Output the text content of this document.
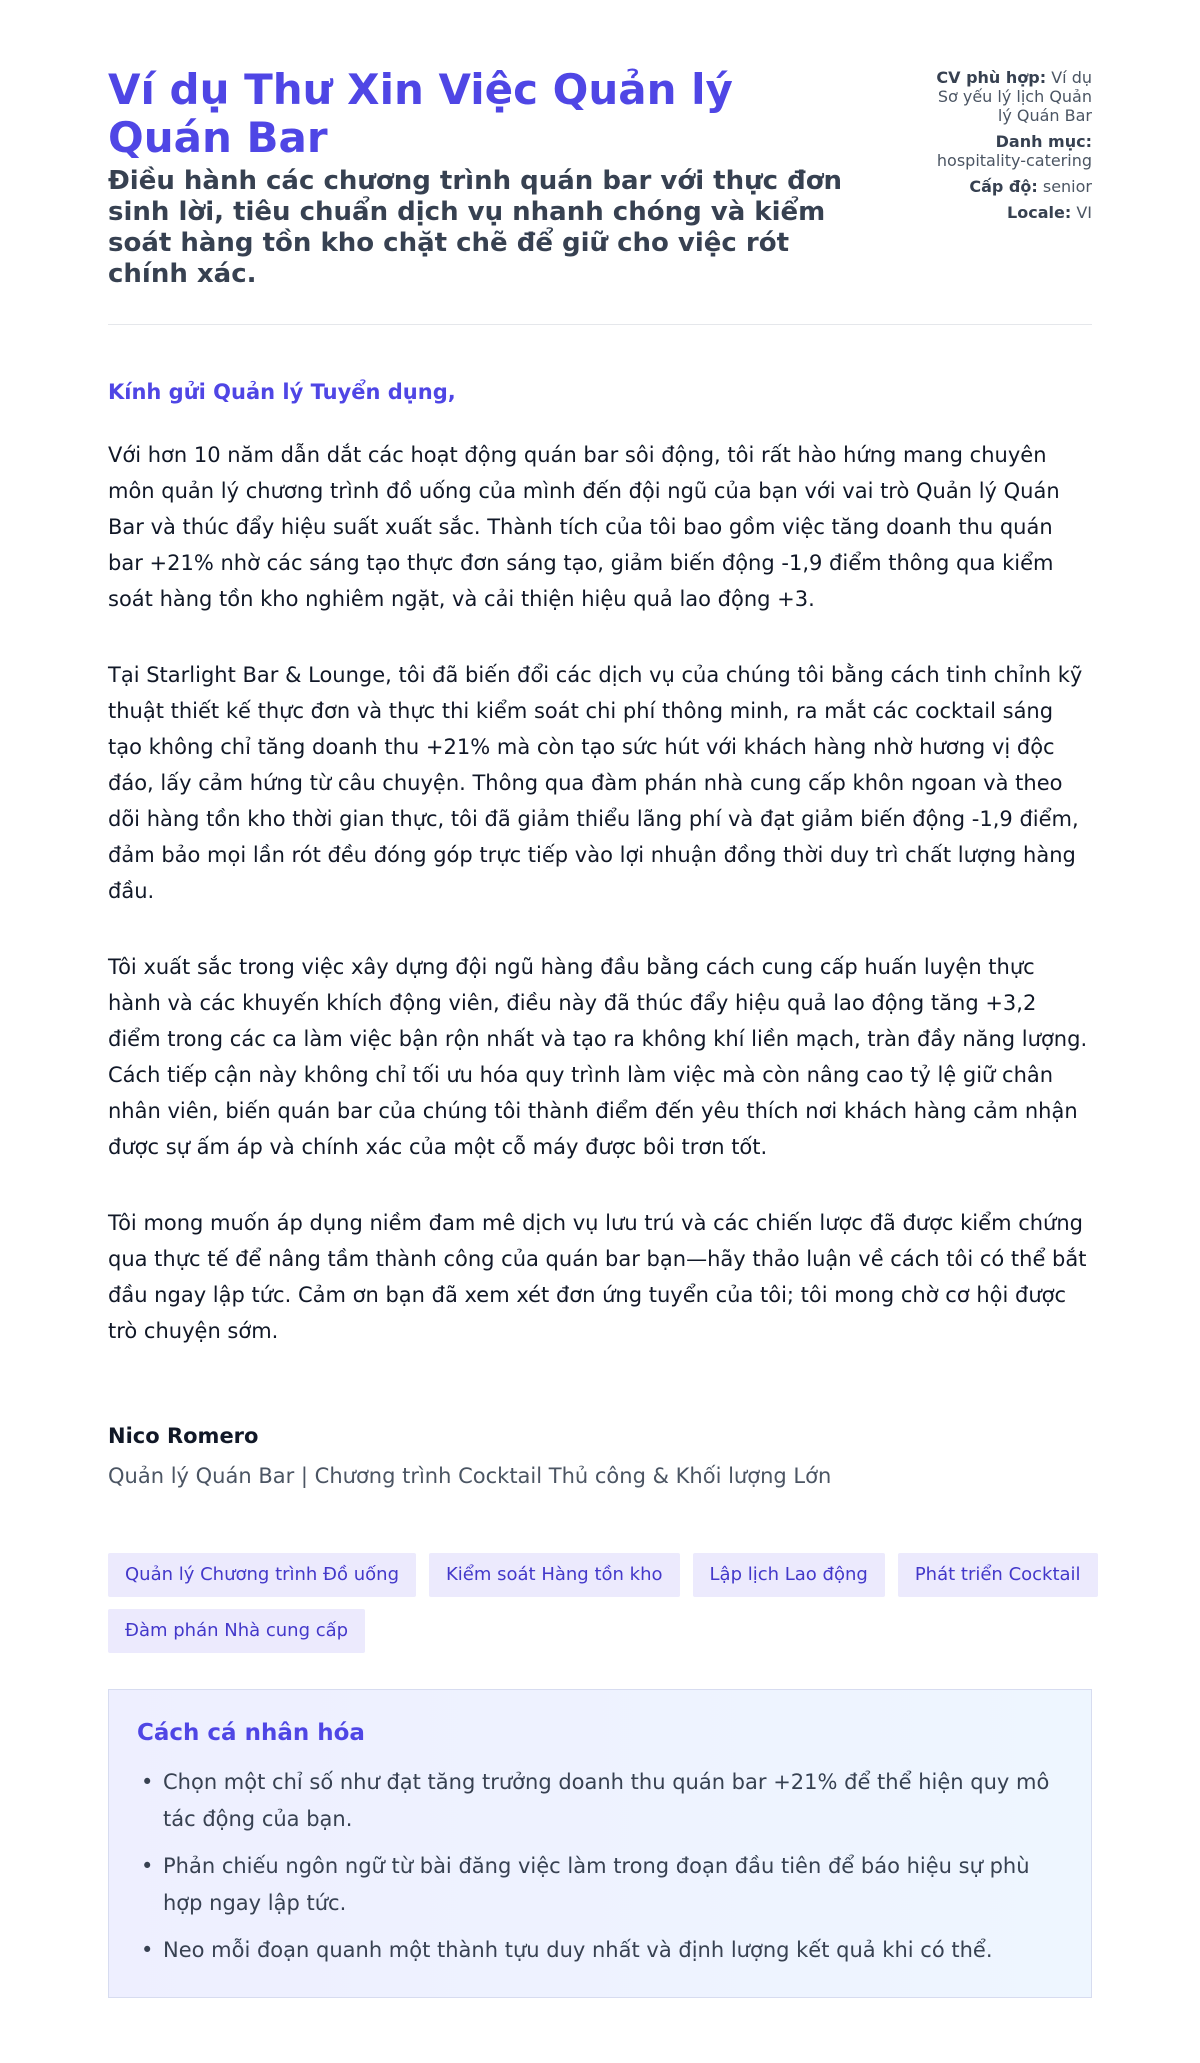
Ví dụ Thư Xin Việc Quản lý Quán Bar

Điều hành các chương trình quán bar với thực đơn sinh lời, tiêu chuẩn dịch vụ nhanh chóng và kiểm soát hàng tồn kho chặt chẽ để giữ cho việc rót chính xác.

CV phù hợp: Ví dụ Sơ yếu lý lịch Quản lý Quán Bar
Danh mục: hospitality-catering
Cấp độ: senior
Locale: VI

Kính gửi Quản lý Tuyển dụng,

Với hơn 10 năm dẫn dắt các hoạt động quán bar sôi động, tôi rất hào hứng mang chuyên môn quản lý chương trình đồ uống của mình đến đội ngũ của bạn với vai trò Quản lý Quán Bar và thúc đẩy hiệu suất xuất sắc. Thành tích của tôi bao gồm việc tăng doanh thu quán bar +21% nhờ các sáng tạo thực đơn sáng tạo, giảm biến động -1,9 điểm thông qua kiểm soát hàng tồn kho nghiêm ngặt, và cải thiện hiệu quả lao động +3.

Tại Starlight Bar & Lounge, tôi đã biến đổi các dịch vụ của chúng tôi bằng cách tinh chỉnh kỹ thuật thiết kế thực đơn và thực thi kiểm soát chi phí thông minh, ra mắt các cocktail sáng tạo không chỉ tăng doanh thu +21% mà còn tạo sức hút với khách hàng nhờ hương vị độc đáo, lấy cảm hứng từ câu chuyện. Thông qua đàm phán nhà cung cấp khôn ngoan và theo dõi hàng tồn kho thời gian thực, tôi đã giảm thiểu lãng phí và đạt giảm biến động -1,9 điểm, đảm bảo mọi lần rót đều đóng góp trực tiếp vào lợi nhuận đồng thời duy trì chất lượng hàng đầu.

Tôi xuất sắc trong việc xây dựng đội ngũ hàng đầu bằng cách cung cấp huấn luyện thực hành và các khuyến khích động viên, điều này đã thúc đẩy hiệu quả lao động tăng +3,2 điểm trong các ca làm việc bận rộn nhất và tạo ra không khí liền mạch, tràn đầy năng lượng. Cách tiếp cận này không chỉ tối ưu hóa quy trình làm việc mà còn nâng cao tỷ lệ giữ chân nhân viên, biến quán bar của chúng tôi thành điểm đến yêu thích nơi khách hàng cảm nhận được sự ấm áp và chính xác của một cỗ máy được bôi trơn tốt.

Tôi mong muốn áp dụng niềm đam mê dịch vụ lưu trú và các chiến lược đã được kiểm chứng qua thực tế để nâng tầm thành công của quán bar bạn—hãy thảo luận về cách tôi có thể bắt đầu ngay lập tức. Cảm ơn bạn đã xem xét đơn ứng tuyển của tôi; tôi mong chờ cơ hội được trò chuyện sớm.

Nico Romero
Quản lý Quán Bar | Chương trình Cocktail Thủ công & Khối lượng Lớn
Quản lý Chương trình Đồ uống	Kiểm soát Hàng tồn kho	Lập lịch Lao động	Phát triển Cocktail
Đàm phán Nhà cung cấp
Cách cá nhân hóa
• Chọn một chỉ số như đạt tăng trưởng doanh thu quán bar +21% để thể hiện quy mô tác động của bạn.
• Phản chiếu ngôn ngữ từ bài đăng việc làm trong đoạn đầu tiên để báo hiệu sự phù hợp ngay lập tức.
• Neo mỗi đoạn quanh một thành tựu duy nhất và định lượng kết quả khi có thể.
